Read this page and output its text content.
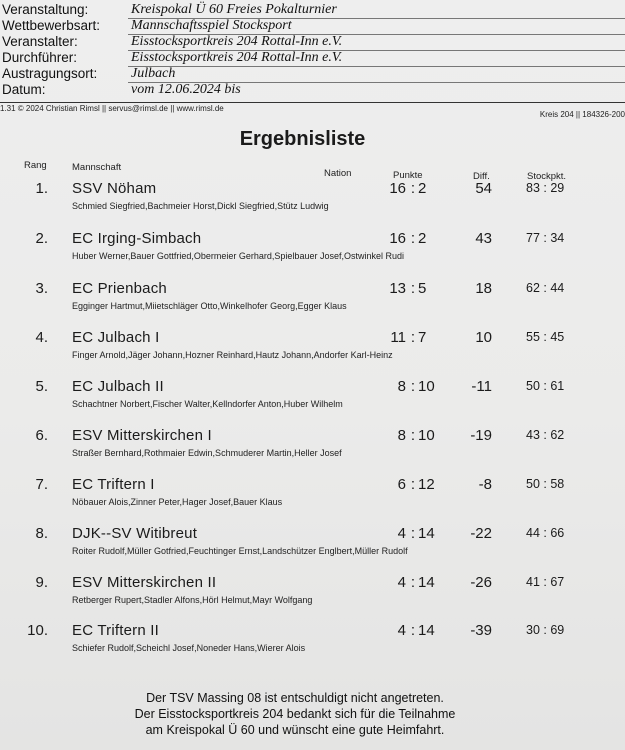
Veranstaltung:	Kreispokal Ü 60 Freies Pokalturnier
Wettbewerbsart: Mannschaftsspiel Stocksport
Veranstalter:	Eisstocksportkreis 204 Rottal-Inn e.V.
Durchführer:	Eisstocksportkreis 204 Rottal-Inn e.V.
Austragungsort: Julbach
Datum:	vom 12.06.2024 bis
1.31 © 2024 Christian Rimsl || servus@rimsl.de || www.rimsl.de
Kreis 204 || 184326-200
Ergebnisliste
Rang	Mannschaft
Nation	Punkte	Diff.	Stockpkt.
1. SSV Nöham
Schmied Siegfried,Bachmeier Horst,Dickl Siegfried,Stütz Ludwig
16 : 2	54	83 : 29
2. EC Irging-Simbach
Huber Werner,Bauer Gottfried,Obermeier Gerhard,Spielbauer Josef,Ostwinkel Rudi
16 : 2	43	77 : 34
3. EC Prienbach
Egginger Hartmut,Miietschläger Otto,Winkelhofer Georg,Egger Klaus
13 : 5	18	62 : 44
4. EC Julbach I
Finger Arnold,Jäger Johann,Hozner Reinhard,Hautz Johann,Andorfer Karl-Heinz
11 : 7	10	55 : 45
5. EC Julbach II
Schachtner Norbert,Fischer Walter,Kellndorfer Anton,Huber Wilhelm
8 : 10	-11	50 : 61
6. ESV Mitterskirchen I
Straßer Bernhard,Rothmaier Edwin,Schmuderer Martin,Heller Josef
8 : 10	-19	43 : 62
7. EC Triftern I
Nöbauer Alois,Zinner Peter,Hager Josef,Bauer Klaus
6 : 12	-8	50 : 58
8. DJK--SV Witibreut
Roiter Rudolf,Müller Gotfried,Feuchtinger Ernst,Landschützer Englbert,Müller Rudolf
4 : 14	-22	44 : 66
9. ESV Mitterskirchen II
Retberger Rupert,Stadler Alfons,Hörl Helmut,Mayr Wolfgang
4 : 14	-26	41 : 67
10. EC Triftern II
Schiefer Rudolf,Scheichl Josef,Noneder Hans,Wierer Alois
4 : 14	-39	30 : 69
Der TSV Massing 08 ist entschuldigt nicht angetreten.
Der Eisstocksportkreis 204 bedankt sich für die Teilnahme
am Kreispokal Ü 60 und wünscht eine gute Heimfahrt.
